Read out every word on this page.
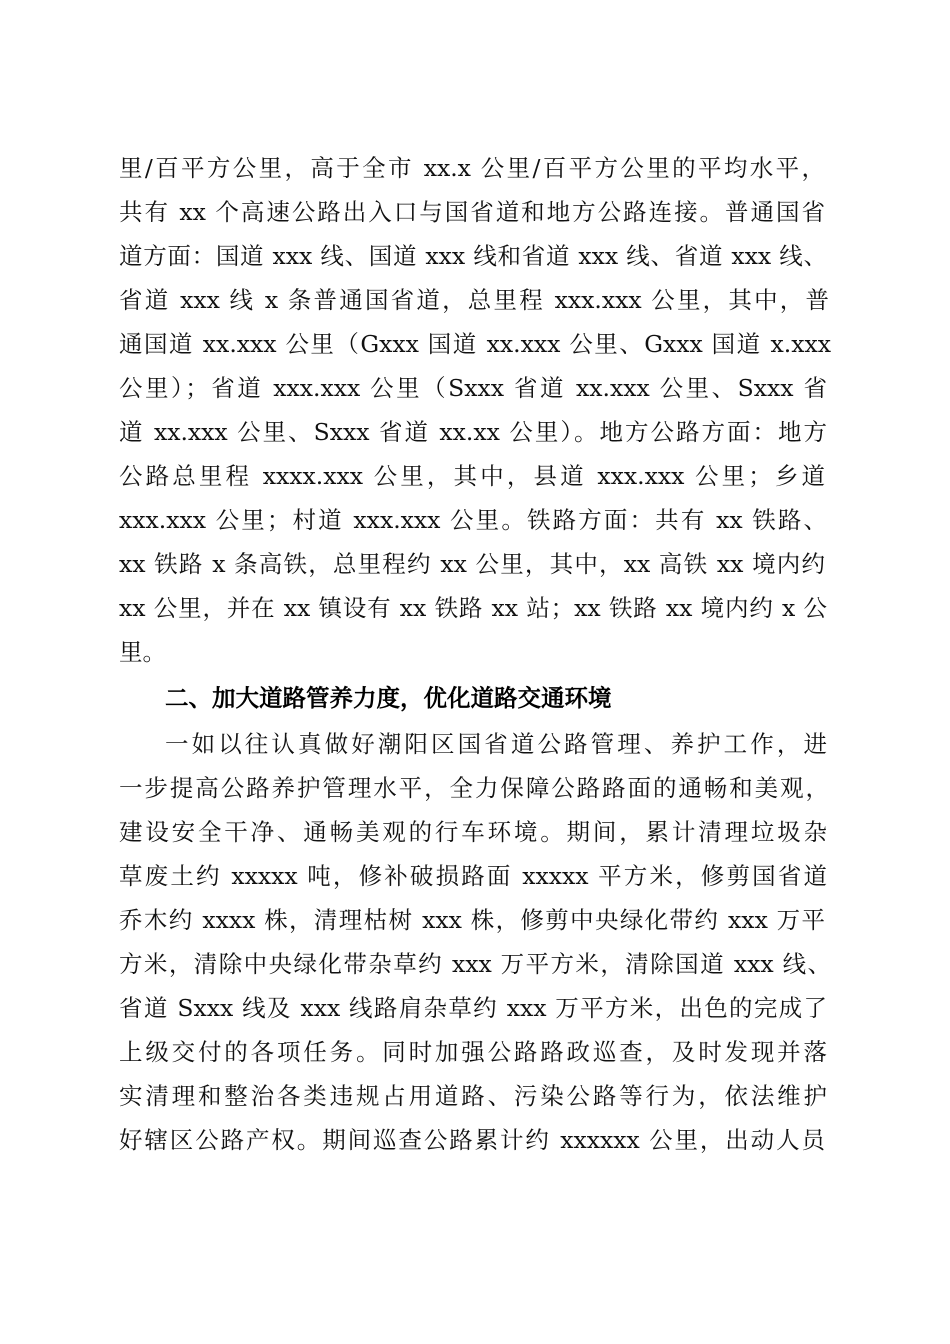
里/百平方公里，高于全市 xx.x 公里/百平方公里的平均水平，
共有 xx 个高速公路出入口与国省道和地方公路连接。普通国省
道方面：国道 xxx 线、国道 xxx 线和省道 xxx 线、省道 xxx 线、
省道 xxx 线 x 条普通国省道，总里程 xxx.xxx 公里，其中，普
通国道 xx.xxx 公里（Gxxx 国道 xx.xxx 公里、Gxxx 国道 x.xxx
公里）；省道 xxx.xxx 公里（Sxxx 省道 xx.xxx 公里、Sxxx 省
道 xx.xxx 公里、Sxxx 省道 xx.xx 公里）。地方公路方面：地方
公路总里程 xxxx.xxx 公里，其中，县道 xxx.xxx 公里；乡道
xxx.xxx 公里；村道 xxx.xxx 公里。铁路方面：共有 xx 铁路、
xx 铁路 x 条高铁，总里程约 xx 公里，其中，xx 高铁 xx 境内约
xx 公里，并在 xx 镇设有 xx 铁路 xx 站；xx 铁路 xx 境内约 x 公
里。
一如以往认真做好潮阳区国省道公路管理、养护工作，进
一步提高公路养护管理水平，全力保障公路路面的通畅和美观，
建设安全干净、通畅美观的行车环境。期间，累计清理垃圾杂
草废土约 xxxxx 吨，修补破损路面 xxxxx 平方米，修剪国省道
乔木约 xxxx 株，清理枯树 xxx 株，修剪中央绿化带约 xxx 万平
方米，清除中央绿化带杂草约 xxx 万平方米，清除国道 xxx 线、
省道 Sxxx 线及 xxx 线路肩杂草约 xxx 万平方米，出色的完成了
上级交付的各项任务。同时加强公路路政巡查，及时发现并落
实清理和整治各类违规占用道路、污染公路等行为，依法维护
好辖区公路产权。期间巡查公路累计约 xxxxxx 公里，出动人员
二、加大道路管养力度，优化道路交通环境
